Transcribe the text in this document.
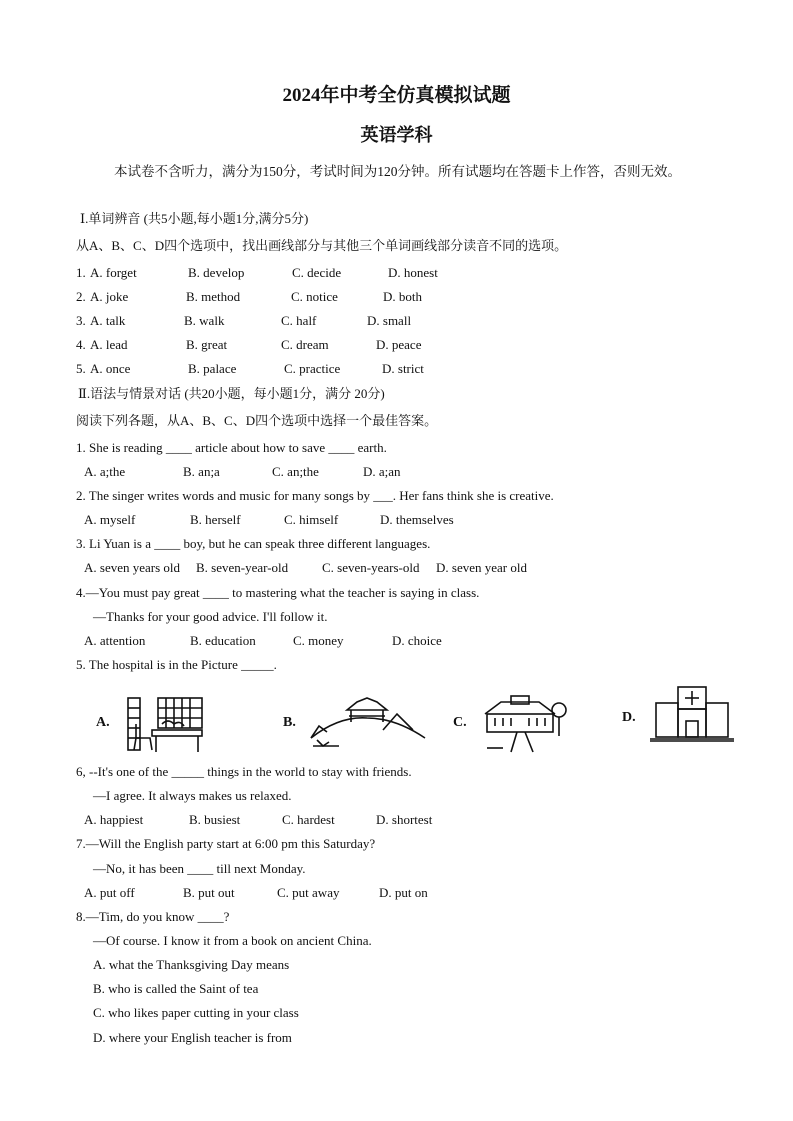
2024年中考全仿真模拟试题
英语学科
本试卷不含听力，满分为150分，考试时间为120分钟。所有试题均在答题卡上作答，否则无效。
Ⅰ.单词辨音 (共5小题,每小题1分,满分5分)
从A、B、C、D四个选项中，找出画线部分与其他三个单词画线部分读音不同的选项。
1. A. forget	B. develop	C. decide	D. honest
2. A. joke	B. method	C. notice	D. both
3. A. talk	B. walk	C. half	D. small
4. A. lead	B. great	C. dream	D. peace
5. A. once	B. palace	C. practice	D. strict
Ⅱ.语法与情景对话 (共20小题，每小题1分，满分 20分)
阅读下列各题，从A、B、C、D四个选项中选择一个最佳答案。
1. She is reading ____ article about how to save ____ earth.
A. a;the	B. an;a	C. an;the	D. a;an
2. The singer writes words and music for many songs by ___. Her fans think she is creative.
A. myself	B. herself	C. himself	D. themselves
3. Li Yuan is a ____ boy, but he can speak three different languages.
A. seven years old B. seven-year-old	C. seven-years-old D. seven year old
4.—You must pay great ____ to mastering what the teacher is saying in class.
—Thanks for your good advice. I'll follow it.
A. attention	B. education	C. money	D. choice
5. The hospital is in the Picture _____.
A.	B.	C.	D.
6, --It's one of the _____ things in the world to stay with friends.
—I agree. It always makes us relaxed.
A. happiest	B. busiest	C. hardest	D. shortest
7.—Will the English party start at 6:00 pm this Saturday?
—No, it has been ____ till next Monday.
A. put off	B. put out	C. put away	D. put on
8.—Tim, do you know ____?
—Of course. I know it from a book on ancient China.
A. what the Thanksgiving Day means
B. who is called the Saint of tea
C. who likes paper cutting in your class
D. where your English teacher is from
